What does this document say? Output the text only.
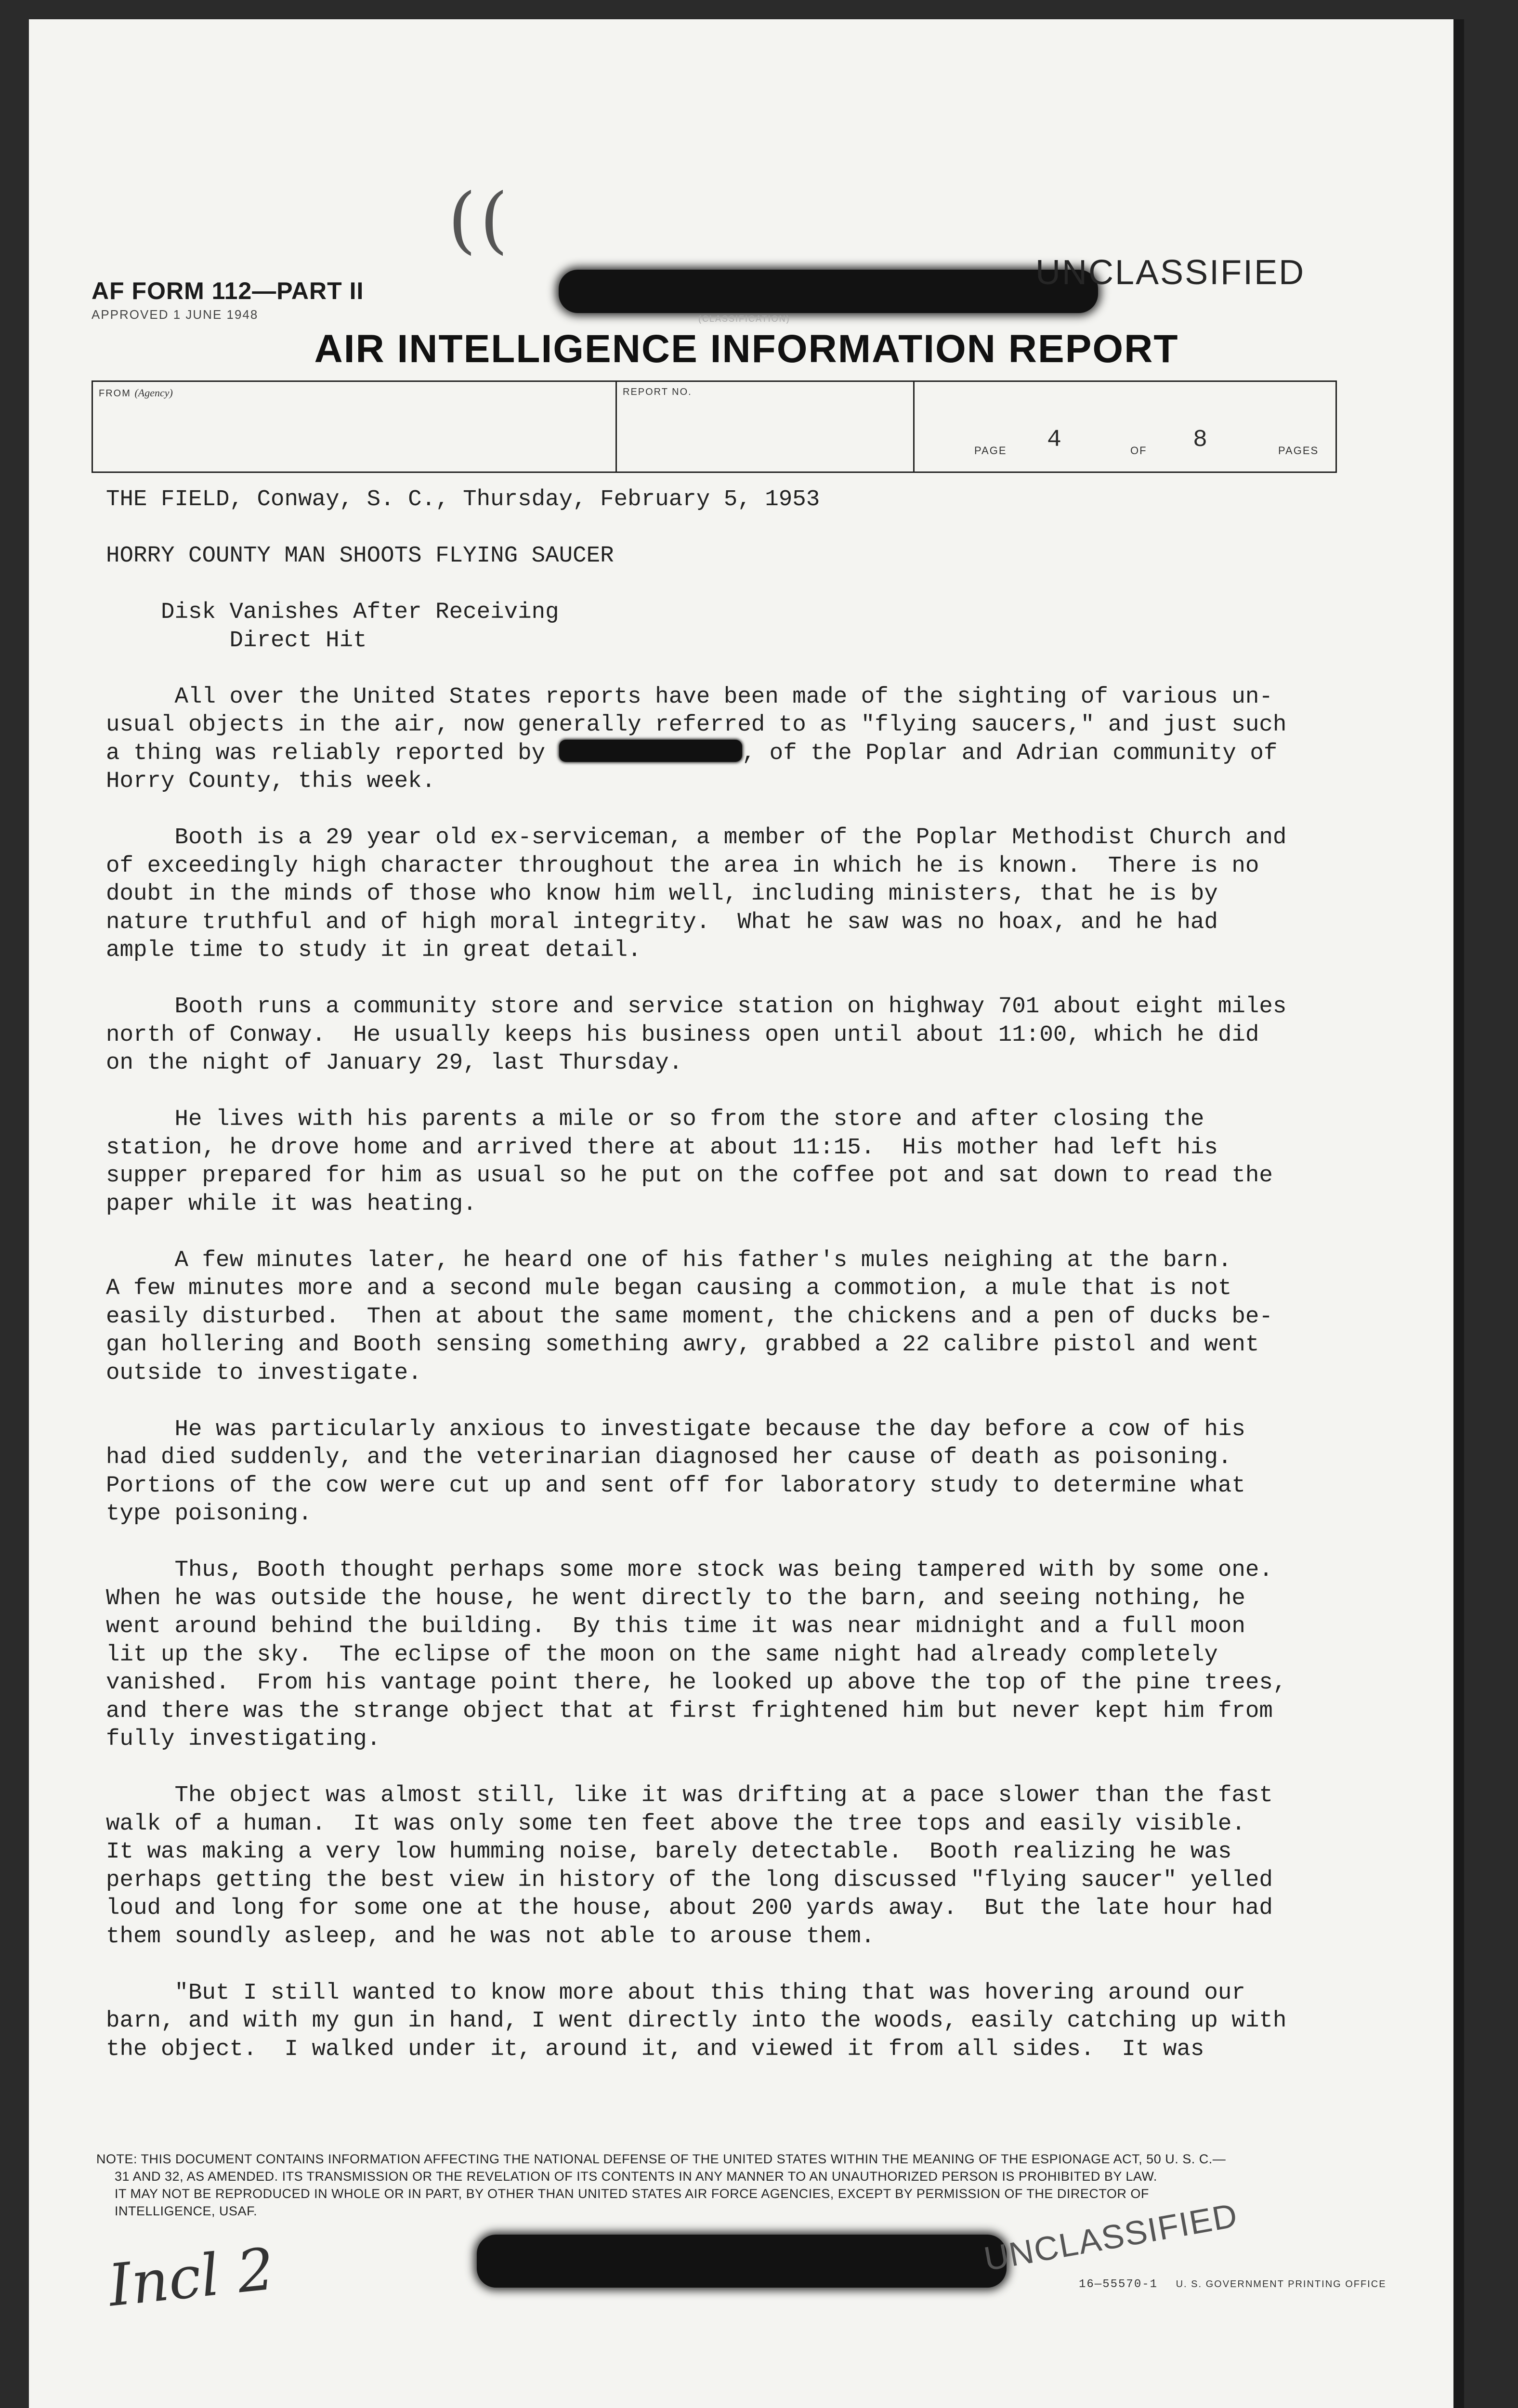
( (
AF FORM 112—PART II
APPROVED 1 JUNE 1948	(CLASSIFICATION)
UNCLASSIFIED
AIR INTELLIGENCE INFORMATION REPORT
FROM (Agency)	REPORT NO.
PAGE 4	OF 8	PAGES
THE FIELD, Conway, S. C., Thursday, February 5, 1953

HORRY COUNTY MAN SHOOTS FLYING SAUCER

Disk Vanishes After Receiving
Direct Hit

All over the United States reports have been made of the sighting of various un-
usual objects in the air, now generally referred to as "flying saucers," and just such
a thing was reliably reported by	, of the Poplar and Adrian community of
Horry County, this week.

Booth is a 29 year old ex-serviceman, a member of the Poplar Methodist Church and
of exceedingly high character throughout the area in which he is known.  There is no
doubt in the minds of those who know him well, including ministers, that he is by
nature truthful and of high moral integrity.  What he saw was no hoax, and he had
ample time to study it in great detail.

Booth runs a community store and service station on highway 701 about eight miles
north of Conway.  He usually keeps his business open until about 11:00, which he did
on the night of January 29, last Thursday.

He lives with his parents a mile or so from the store and after closing the
station, he drove home and arrived there at about 11:15.  His mother had left his
supper prepared for him as usual so he put on the coffee pot and sat down to read the
paper while it was heating.

A few minutes later, he heard one of his father's mules neighing at the barn.
A few minutes more and a second mule began causing a commotion, a mule that is not
easily disturbed.  Then at about the same moment, the chickens and a pen of ducks be-
gan hollering and Booth sensing something awry, grabbed a 22 calibre pistol and went
outside to investigate.

He was particularly anxious to investigate because the day before a cow of his
had died suddenly, and the veterinarian diagnosed her cause of death as poisoning.
Portions of the cow were cut up and sent off for laboratory study to determine what
type poisoning.

Thus, Booth thought perhaps some more stock was being tampered with by some one.
When he was outside the house, he went directly to the barn, and seeing nothing, he
went around behind the building.  By this time it was near midnight and a full moon
lit up the sky.  The eclipse of the moon on the same night had already completely
vanished.  From his vantage point there, he looked up above the top of the pine trees,
and there was the strange object that at first frightened him but never kept him from
fully investigating.

The object was almost still, like it was drifting at a pace slower than the fast
walk of a human.  It was only some ten feet above the tree tops and easily visible.
It was making a very low humming noise, barely detectable.  Booth realizing he was
perhaps getting the best view in history of the long discussed "flying saucer" yelled
loud and long for some one at the house, about 200 yards away.  But the late hour had
them soundly asleep, and he was not able to arouse them.

"But I still wanted to know more about this thing that was hovering around our
barn, and with my gun in hand, I went directly into the woods, easily catching up with
the object.  I walked under it, around it, and viewed it from all sides.  It was
NOTE: THIS DOCUMENT CONTAINS INFORMATION AFFECTING THE NATIONAL DEFENSE OF THE UNITED STATES WITHIN THE MEANING OF THE ESPIONAGE ACT, 50 U. S. C.—
31 AND 32, AS AMENDED. ITS TRANSMISSION OR THE REVELATION OF ITS CONTENTS IN ANY MANNER TO AN UNAUTHORIZED PERSON IS PROHIBITED BY LAW.
IT MAY NOT BE REPRODUCED IN WHOLE OR IN PART, BY OTHER THAN UNITED STATES AIR FORCE AGENCIES, EXCEPT BY PERMISSION OF THE DIRECTOR OF
INTELLIGENCE, USAF.	UNCLASSIFIED
Incl 2	16—55570-1 U. S. GOVERNMENT PRINTING OFFICE
